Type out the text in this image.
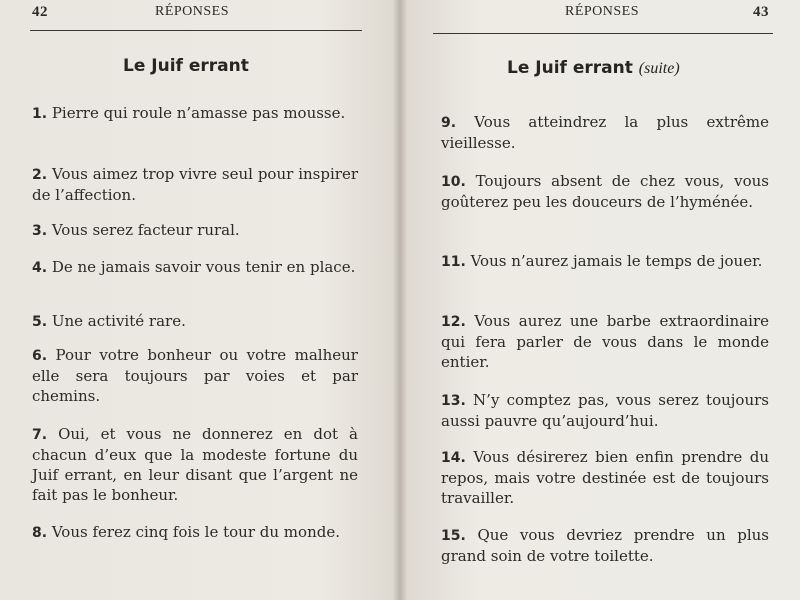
42	RÉPONSES
Le Juif errant
1. Pierre qui roule n’amasse pas mousse.
2. Vous aimez trop vivre seul pour inspirer de l’affection.
3. Vous serez facteur rural.
4. De ne jamais savoir vous tenir en place.
5. Une activité rare.
6. Pour votre bonheur ou votre malheur elle sera toujours par voies et par chemins.
7. Oui, et vous ne donnerez en dot à chacun d’eux que la modeste fortune du Juif errant, en leur disant que l’argent ne fait pas le bonheur.
8. Vous ferez cinq fois le tour du monde.
RÉPONSES	43
Le Juif errant (suite)
9. Vous atteindrez la plus extrême vieillesse.
10. Toujours absent de chez vous, vous goûterez peu les douceurs de l’hyménée.
11. Vous n’aurez jamais le temps de jouer.
12. Vous aurez une barbe extraordinaire qui fera parler de vous dans le monde entier.
13. N’y comptez pas, vous serez toujours aussi pauvre qu’aujourd’hui.
14. Vous désirerez bien enfin prendre du repos, mais votre destinée est de toujours travailler.
15. Que vous devriez prendre un plus grand soin de votre toilette.
